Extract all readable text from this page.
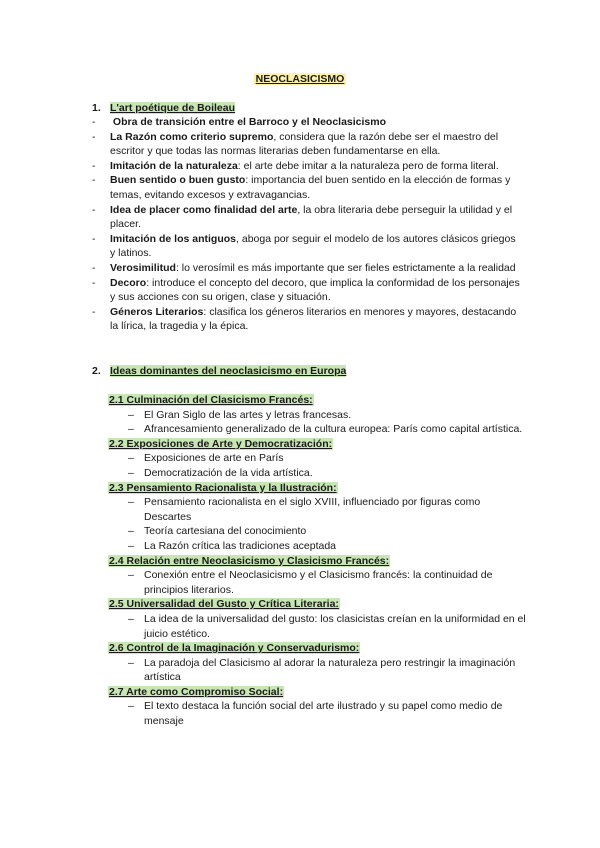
NEOCLASICISMO
1. L'art poétique de Boileau
- Obra de transición entre el Barroco y el Neoclasicismo
- La Razón como criterio supremo, considera que la razón debe ser el maestro del escritor y que todas las normas literarias deben fundamentarse en ella.
- Imitación de la naturaleza: el arte debe imitar a la naturaleza pero de forma literal.
- Buen sentido o buen gusto: importancia del buen sentido en la elección de formas y temas, evitando excesos y extravagancias.
- Idea de placer como finalidad del arte, la obra literaria debe perseguir la utilidad y el placer.
- Imitación de los antiguos, aboga por seguir el modelo de los autores clásicos griegos y latinos.
- Verosimilitud: lo verosímil es más importante que ser fieles estrictamente a la realidad
- Decoro: introduce el concepto del decoro, que implica la conformidad de los personajes y sus acciones con su origen, clase y situación.
- Géneros Literarios: clasifica los géneros literarios en menores y mayores, destacando la lírica, la tragedia y la épica.
2. Ideas dominantes del neoclasicismo en Europa
2.1 Culminación del Clasicismo Francés:
– El Gran Siglo de las artes y letras francesas.
– Afrancesamiento generalizado de la cultura europea: París como capital artística.
2.2 Exposiciones de Arte y Democratización:
– Exposiciones de arte en París
– Democratización de la vida artística.
2.3 Pensamiento Racionalista y la Ilustración:
– Pensamiento racionalista en el siglo XVIII, influenciado por figuras como Descartes
– Teoría cartesiana del conocimiento
– La Razón crítica las tradiciones aceptada
2.4 Relación entre Neoclasicismo y Clasicismo Francés:
– Conexión entre el Neoclasicismo y el Clasicismo francés: la continuidad de principios literarios.
2.5 Universalidad del Gusto y Crítica Literaria:
– La idea de la universalidad del gusto: los clasicistas creían en la uniformidad en el juicio estético.
2.6 Control de la Imaginación y Conservadurismo:
– La paradoja del Clasicismo al adorar la naturaleza pero restringir la imaginación artística
2.7 Arte como Compromiso Social:
– El texto destaca la función social del arte ilustrado y su papel como medio de mensaje
